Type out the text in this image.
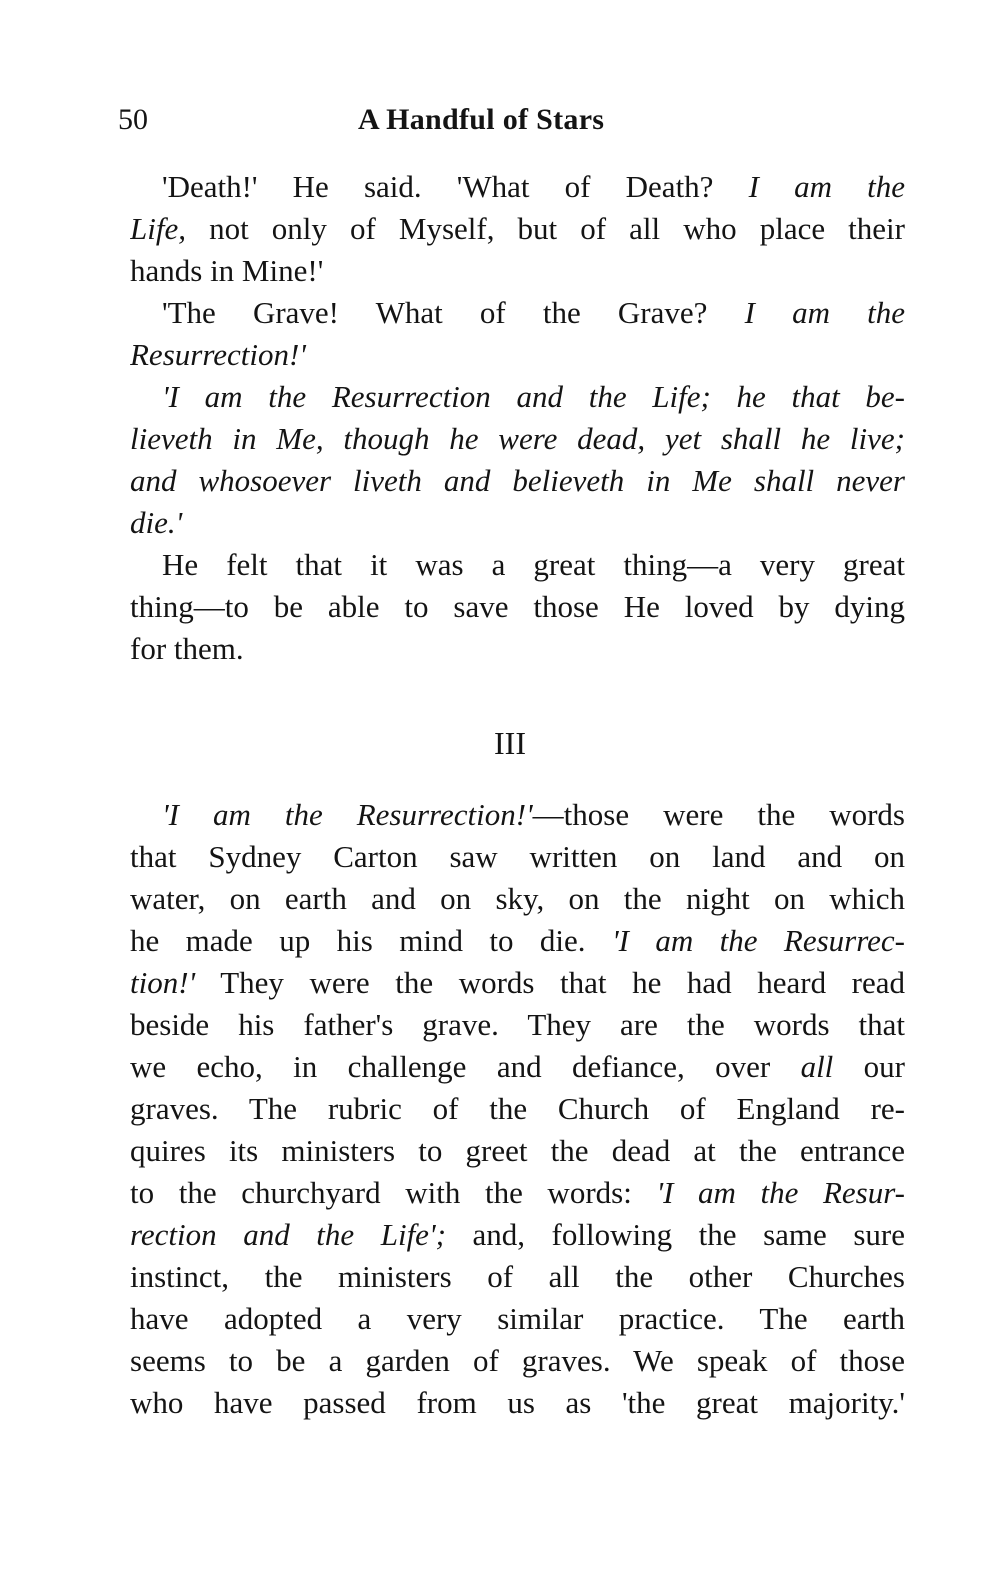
50	A Handful of Stars
'Death!' He said. 'What of Death? I am the
Life, not only of Myself, but of all who place their
hands in Mine!'
'The Grave! What of the Grave? I am the
Resurrection!'
'I am the Resurrection and the Life; he that be-
lieveth in Me, though he were dead, yet shall he live;
and whosoever liveth and believeth in Me shall never
die.'
He felt that it was a great thing—a very great
thing—to be able to save those He loved by dying
for them.
III
'I am the Resurrection!'—those were the words
that Sydney Carton saw written on land and on
water, on earth and on sky, on the night on which
he made up his mind to die. 'I am the Resurrec-
tion!' They were the words that he had heard read
beside his father's grave. They are the words that
we echo, in challenge and defiance, over all our
graves. The rubric of the Church of England re-
quires its ministers to greet the dead at the entrance
to the churchyard with the words: 'I am the Resur-
rection and the Life'; and, following the same sure
instinct, the ministers of all the other Churches
have adopted a very similar practice. The earth
seems to be a garden of graves. We speak of those
who have passed from us as 'the great majority.'
